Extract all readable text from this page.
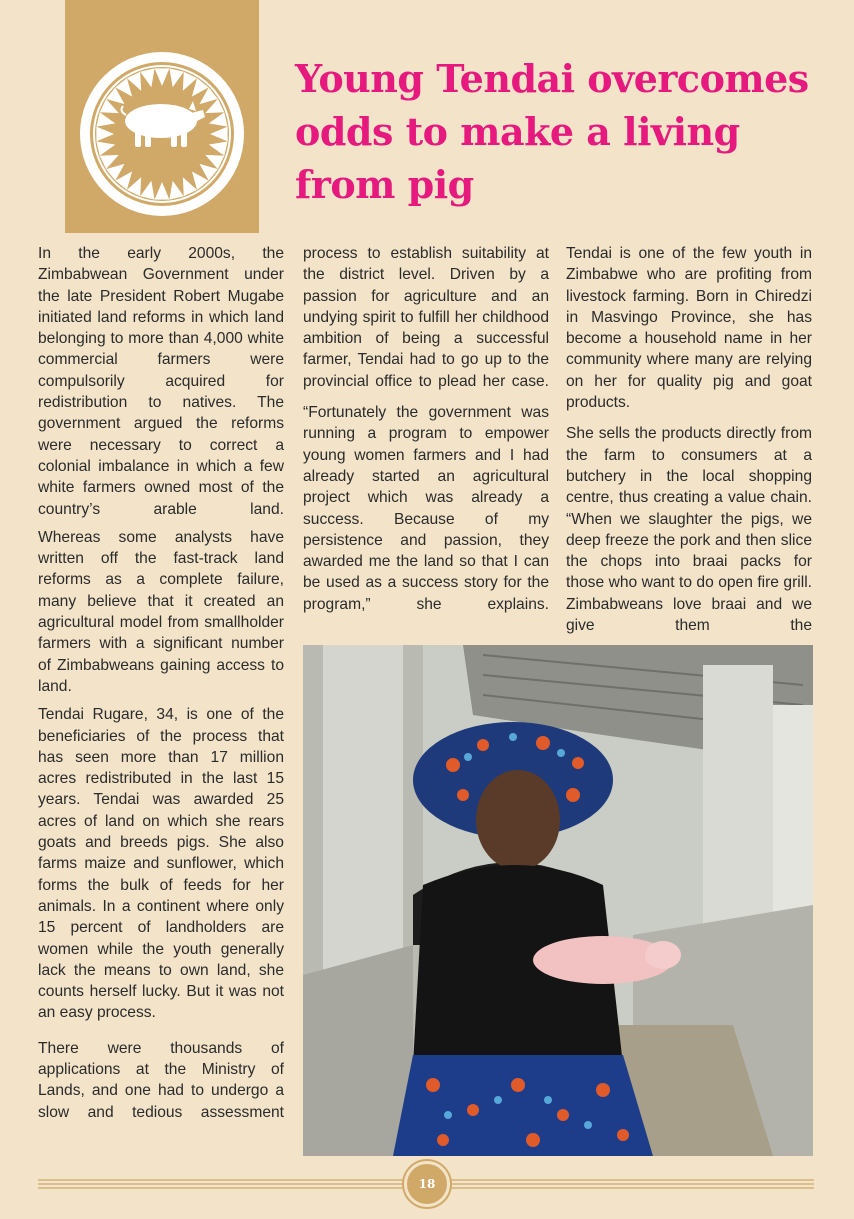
Young Tendai overcomes odds to make a living from pig

In the early 2000s, the Zimbabwean Government under the late President Robert Mugabe initiated land reforms in which land belonging to more than 4,000 white commercial farmers were compulsorily acquired for redistribution to natives. The government argued the reforms were necessary to correct a colonial imbalance in which a few white farmers owned most of the country’s arable land.

Whereas some analysts have written off the fast-track land reforms as a complete failure, many believe that it created an agricultural model from smallholder farmers with a significant number of Zimbabweans gaining access to land.

Tendai Rugare, 34, is one of the beneficiaries of the process that has seen more than 17 million acres redistributed in the last 15 years. Tendai was awarded 25 acres of land on which she rears goats and breeds pigs. She also farms maize and sunflower, which forms the bulk of feeds for her animals. In a continent where only 15 percent of landholders are women while the youth generally lack the means to own land, she counts herself lucky. But it was not an easy process.

There were thousands of applications at the Ministry of Lands, and one had to undergo a slow and tedious assessment

process to establish suitability at the district level. Driven by a passion for agriculture and an undying spirit to fulfill her childhood ambition of being a successful farmer, Tendai had to go up to the provincial office to plead her case.

“Fortunately the government was running a program to empower young women farmers and I had already started an agricultural project which was already a success. Because of my persistence and passion, they awarded me the land so that I can be used as a success story for the program,” she explains.

Tendai is one of the few youth in Zimbabwe who are profiting from livestock farming. Born in Chiredzi in Masvingo Province, she has become a household name in her community where many are relying on her for quality pig and goat products.

She sells the products directly from the farm to consumers at a butchery in the local shopping centre, thus creating a value chain. “When we slaughter the pigs, we deep freeze the pork and then slice the chops into braai packs for those who want to do open fire grill. Zimbabweans love braai and we give them the

18
